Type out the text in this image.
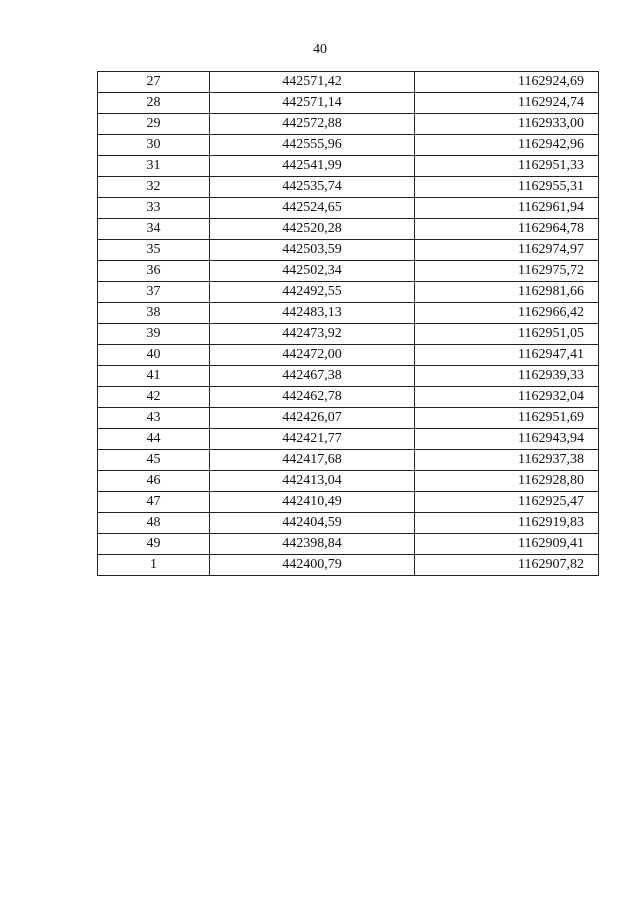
40
27	442571,42	1162924,69
28	442571,14	1162924,74
29	442572,88	1162933,00
30	442555,96	1162942,96
31	442541,99	1162951,33
32	442535,74	1162955,31
33	442524,65	1162961,94
34	442520,28	1162964,78
35	442503,59	1162974,97
36	442502,34	1162975,72
37	442492,55	1162981,66
38	442483,13	1162966,42
39	442473,92	1162951,05
40	442472,00	1162947,41
41	442467,38	1162939,33
42	442462,78	1162932,04
43	442426,07	1162951,69
44	442421,77	1162943,94
45	442417,68	1162937,38
46	442413,04	1162928,80
47	442410,49	1162925,47
48	442404,59	1162919,83
49	442398,84	1162909,41
1	442400,79	1162907,82
